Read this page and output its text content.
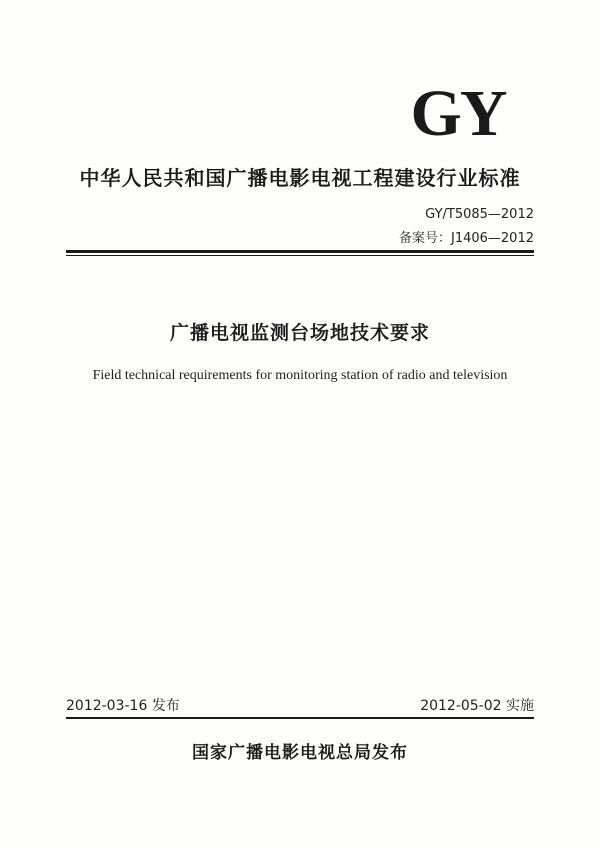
GY
中华人民共和国广播电影电视工程建设行业标准
GY/T5085—2012
备案号：J1406—2012
广播电视监测台场地技术要求
Field technical requirements for monitoring station of radio and television
2012-03-16 发布	2012-05-02 实施
国家广播电影电视总局发布
